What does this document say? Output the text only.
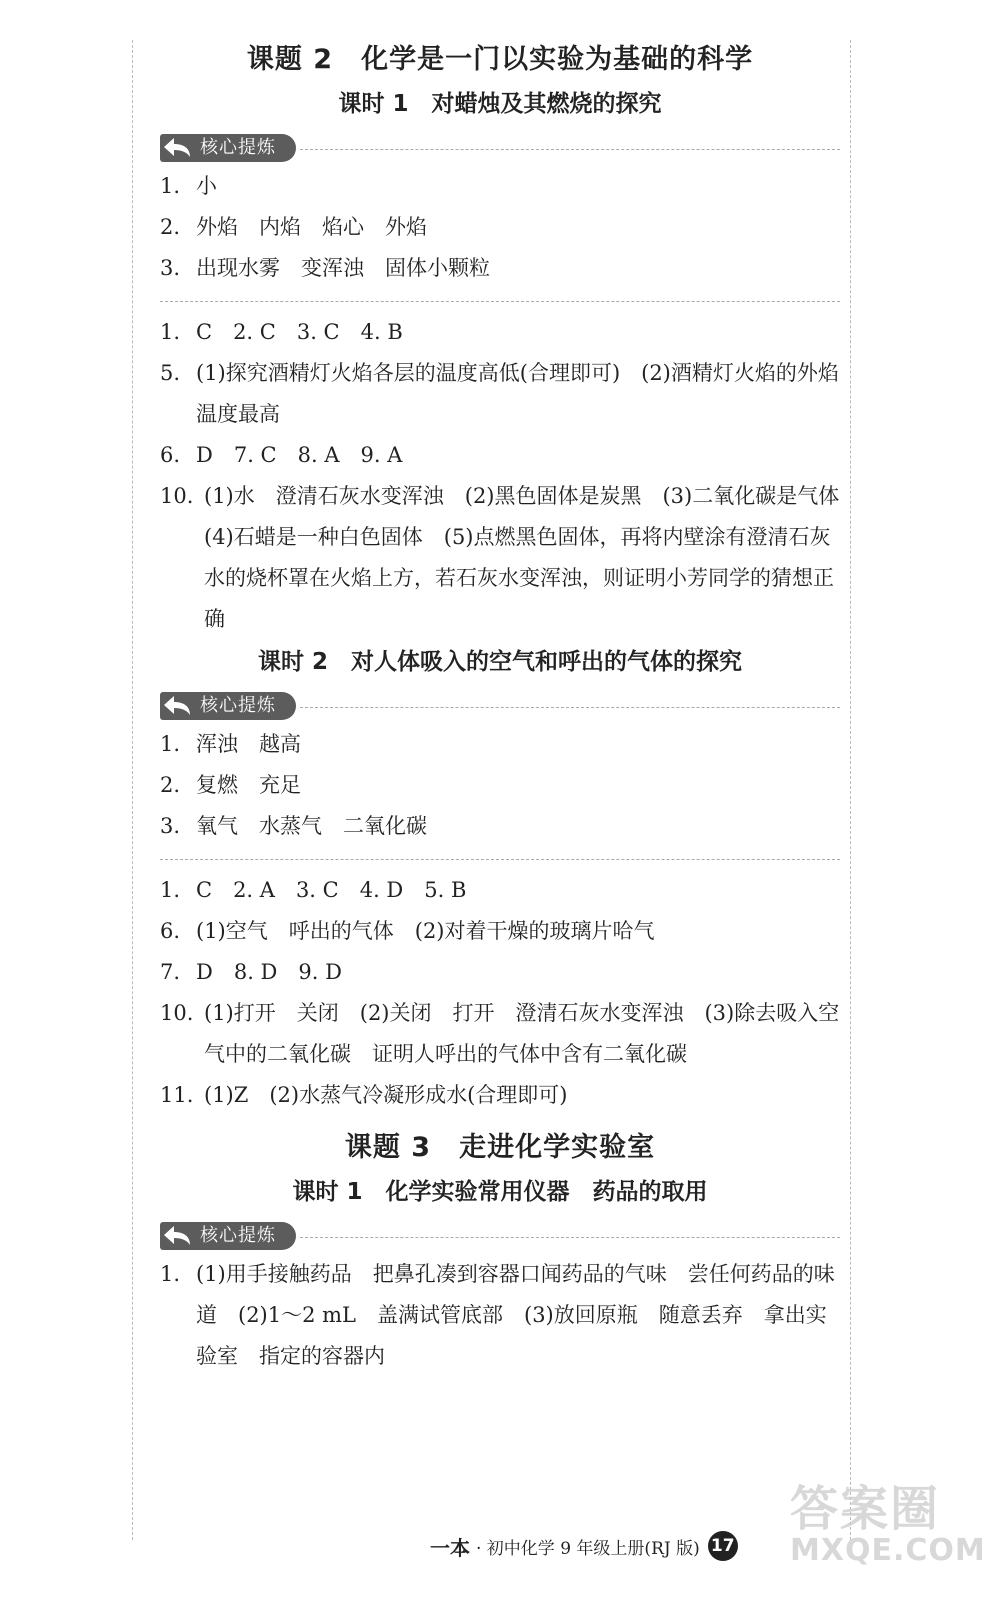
课题 2　化学是一门以实验为基础的科学
课时 1　对蜡烛及其燃烧的探究
核心提炼

1. 小

2. 外焰　内焰　焰心　外焰

3. 出现水雾　变浑浊　固体小颗粒

1. C　2. C　3. C　4. B

5. (1)探究酒精灯火焰各层的温度高低(合理即可)　(2)酒精灯火焰的外焰温度最高

6. D　7. C　8. A　9. A

10. (1)水　澄清石灰水变浑浊　(2)黑色固体是炭黑　(3)二氧化碳是气体　(4)石蜡是一种白色固体　(5)点燃黑色固体，再将内壁涂有澄清石灰水的烧杯罩在火焰上方，若石灰水变浑浊，则证明小芳同学的猜想正确

课时 2　对人体吸入的空气和呼出的气体的探究
核心提炼

1. 浑浊　越高

2. 复燃　充足

3. 氧气　水蒸气　二氧化碳

1. C　2. A　3. C　4. D　5. B

6. (1)空气　呼出的气体　(2)对着干燥的玻璃片哈气

7. D　8. D　9. D

10. (1)打开　关闭　(2)关闭　打开　澄清石灰水变浑浊　(3)除去吸入空气中的二氧化碳　证明人呼出的气体中含有二氧化碳

11. (1)Z　(2)水蒸气冷凝形成水(合理即可)

课题 3　走进化学实验室
课时 1　化学实验常用仪器　药品的取用
核心提炼

1. (1)用手接触药品　把鼻孔凑到容器口闻药品的气味　尝任何药品的味道　(2)1～2 mL　盖满试管底部　(3)放回原瓶　随意丢弃　拿出实验室　指定的容器内

一本 · 初中化学 9 年级上册(RJ 版) 17
答案圈
MXQE.COM
